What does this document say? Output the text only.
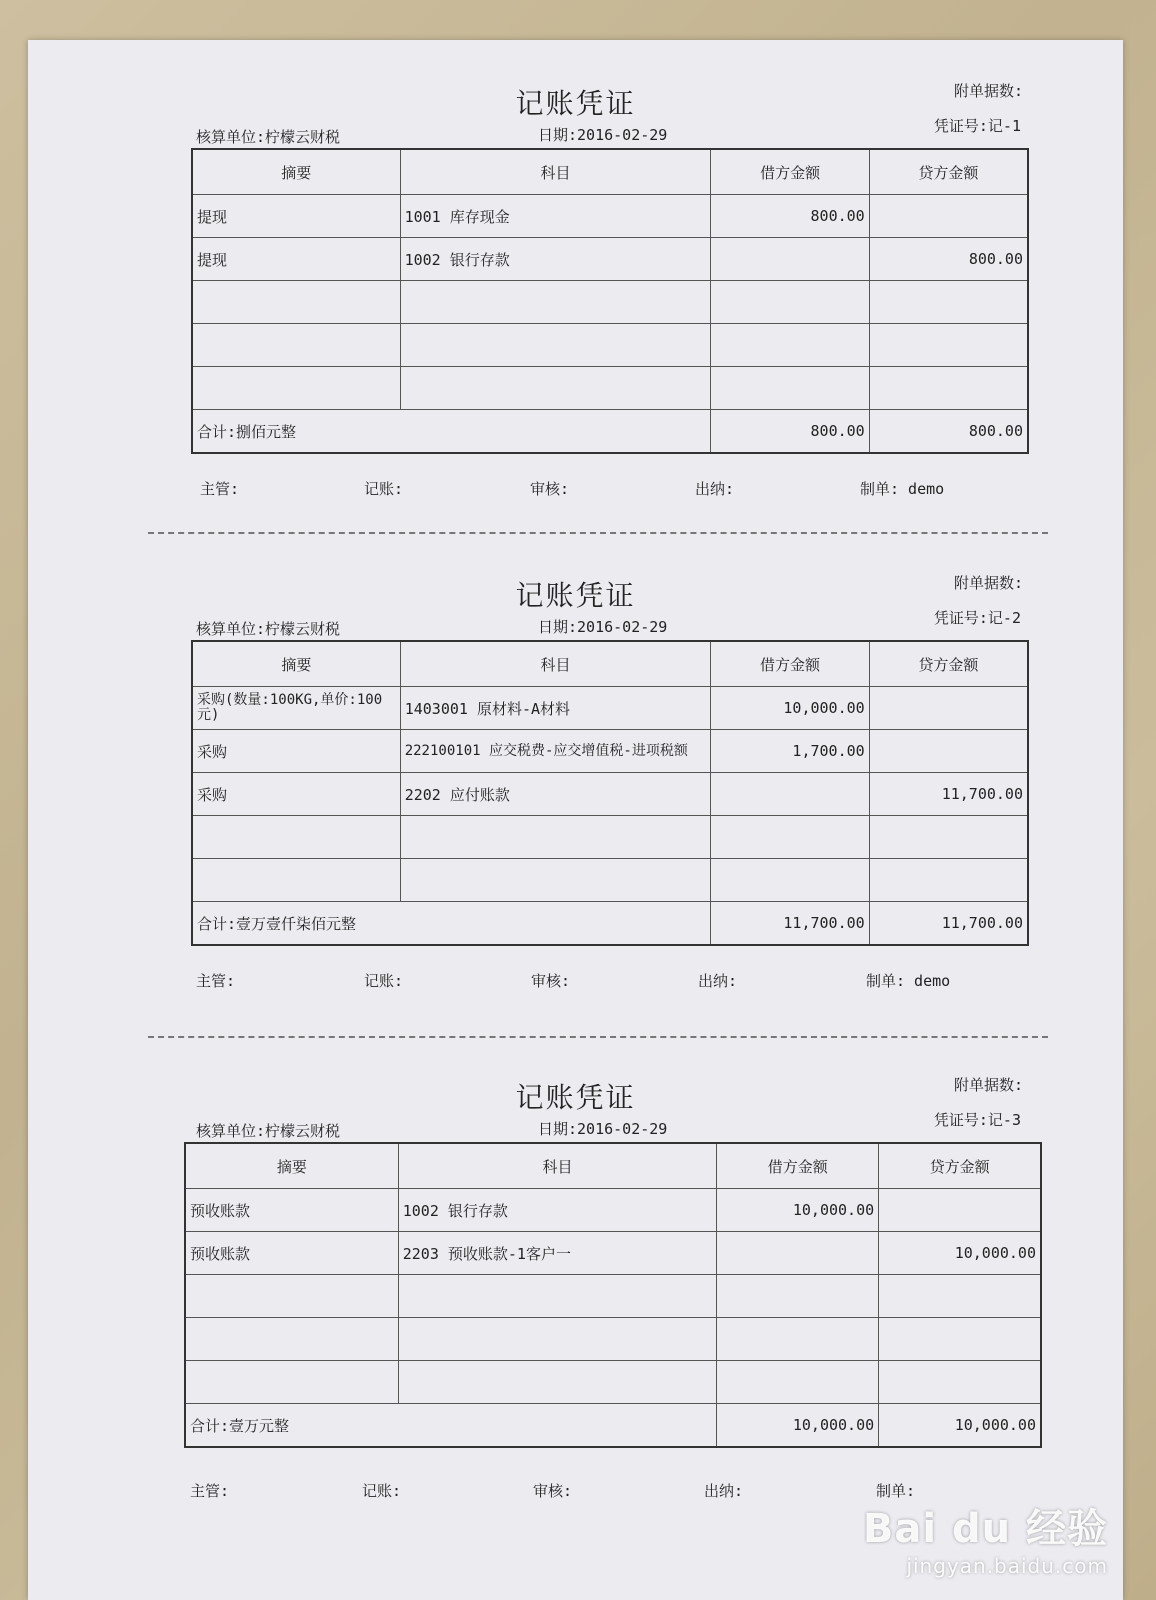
记账凭证	附单据数:
凭证号:记-1
核算单位:柠檬云财税	日期:2016-02-29
摘要	科目	借方金额	贷方金额
提现	1001 库存现金	800.00	
提现	1002 银行存款		800.00

合计:捌佰元整		800.00	800.00
主管:	记账:	审核:	出纳:	制单: demo
记账凭证	附单据数:
凭证号:记-2
核算单位:柠檬云财税	日期:2016-02-29
摘要	科目	借方金额	贷方金额
采购(数量:100KG,单价:100元)	1403001 原材料-A材料	10,000.00	
采购	222100101 应交税费-应交增值税-进项税额	1,700.00	
采购	2202 应付账款		11,700.00

合计:壹万壹仟柒佰元整		11,700.00	11,700.00
主管:	记账:	审核:	出纳:	制单: demo
记账凭证	附单据数:
凭证号:记-3
核算单位:柠檬云财税	日期:2016-02-29
摘要	科目	借方金额	贷方金额
预收账款	1002 银行存款	10,000.00	
预收账款	2203 预收账款-1客户一		10,000.00

合计:壹万元整		10,000.00	10,000.00
主管:	记账:	审核:	出纳:	制单:
Bai du 经验
jingyan.baidu.com
